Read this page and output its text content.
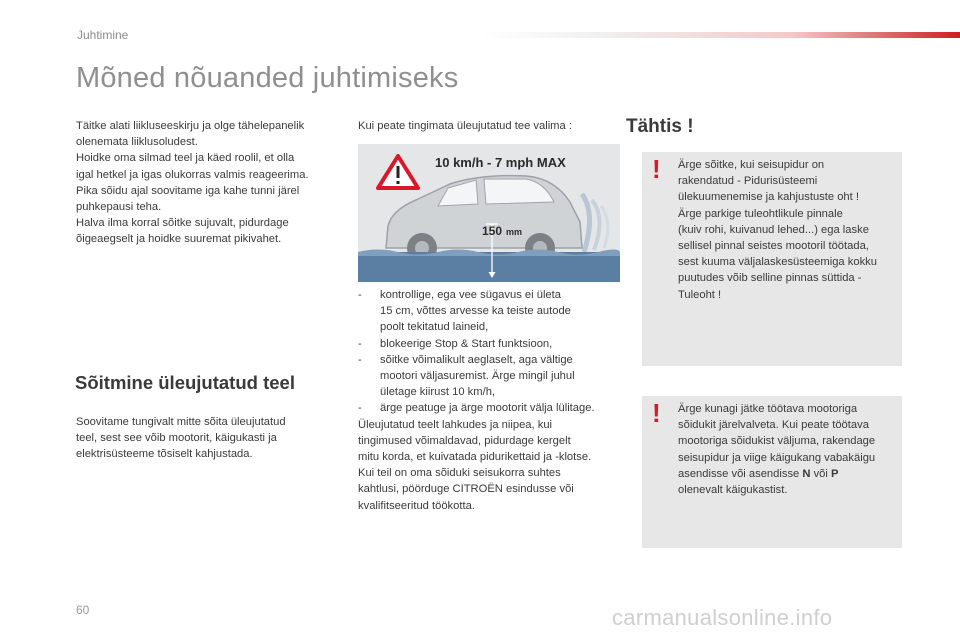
Juhtimine
Mõned nõuanded juhtimiseks

Täitke alati liikluseeskirju ja olge tähelepanelik

olenemata liiklusoludest.

Hoidke oma silmad teel ja käed roolil, et olla

igal hetkel ja igas olukorras valmis reageerima.

Pika sõidu ajal soovitame iga kahe tunni järel

puhkepausi teha.

Halva ilma korral sõitke sujuvalt, pidurdage

õigeaegselt ja hoidke suuremat pikivahet.

Sõitmine üleujutatud teel

Soovitame tungivalt mitte sõita üleujutatud

teel, sest see võib mootorit, käigukasti ja

elektrisüsteeme tõsiselt kahjustada.

Kui peate tingimata üleujutatud tee valima :
10 km/h - 7 mph MAX
150 mm
-	kontrollige, ega vee sügavus ei ületa
15 cm, võttes arvesse ka teiste autode
poolt tekitatud laineid,
-	blokeerige Stop & Start funktsioon,
-	sõitke võimalikult aeglaselt, aga vältige
mootori väljasuremist. Ärge mingil juhul
ületage kiirust 10 km/h,
-	ärge peatuge ja ärge mootorit välja lülitage.

Üleujutatud teelt lahkudes ja niipea, kui

tingimused võimaldavad, pidurdage kergelt

mitu korda, et kuivatada pidurikettaid ja -klotse.

Kui teil on oma sõiduki seisukorra suhtes

kahtlusi, pöörduge CITROËN esindusse või

kvalifitseeritud töökotta.

Tähtis !
! Ärge sõitke, kui seisupidur on

rakendatud - Pidurisüsteemi

ülekuumenemise ja kahjustuste oht !

Ärge parkige tuleohtlikule pinnale

(kuiv rohi, kuivanud lehed...) ega laske

sellisel pinnal seistes mootoril töötada,

sest kuuma väljalaskesüsteemiga kokku

puutudes võib selline pinnas süttida -

Tuleoht !

! Ärge kunagi jätke töötava mootoriga

sõidukit järelvalveta. Kui peate töötava

mootoriga sõidukist väljuma, rakendage

seisupidur ja viige käigukang vabakäigu

asendisse või asendisse N või P

olenevalt käigukastist.

60	carmanualsonline.info
